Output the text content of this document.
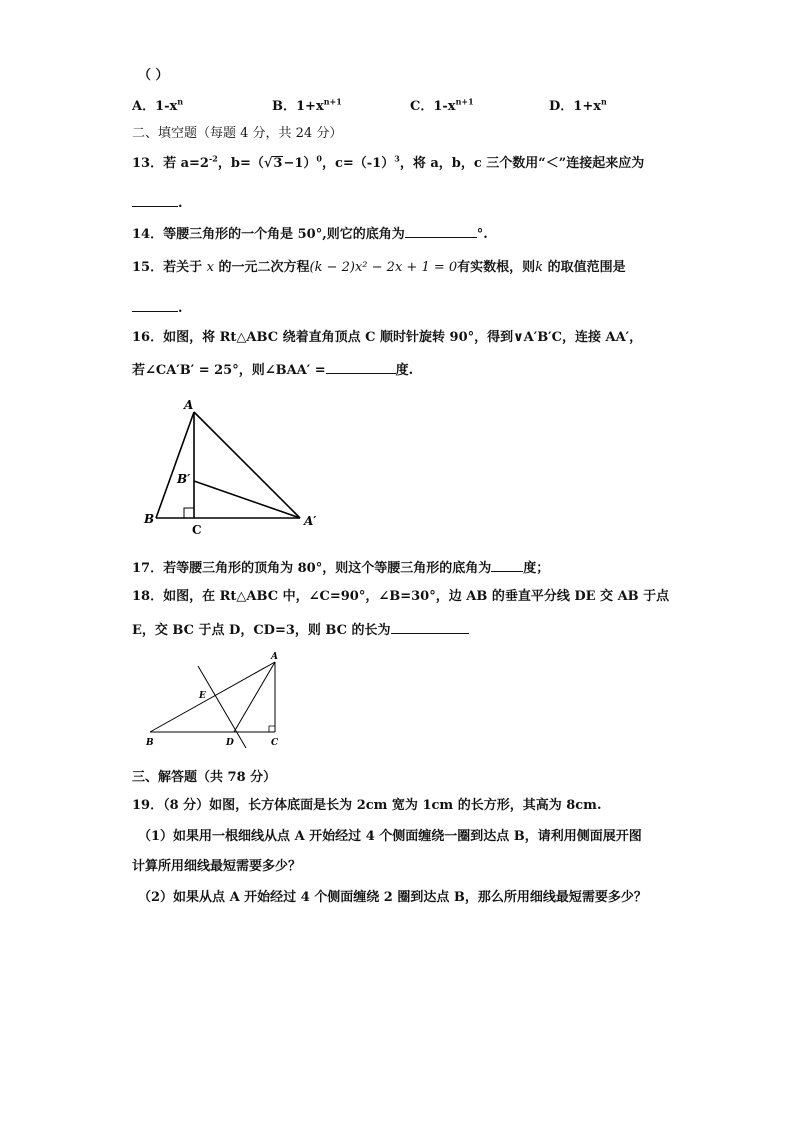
（ ）
A．$1-x^n$	B．$1+x^{n+1}$	C．$1-x^{n+1}$	D．$1+x^n$
二、填空题（每题 4 分，共 24 分）
13．若 $a=2^{-2}$，$b=(√3-1)^0$，$c=(-1)^3$，将 a，b，c 三个数用“＜”连接起来应为
.
14．等腰三角形的一个角是 50°,则它的底角为	°.
15．若关于 x 的一元二次方程(k − 2)x² − 2x + 1 = 0有实数根，则k 的取值范围是
.
16．如图，将 Rt△ABC 绕着直角顶点 C 顺时针旋转 90°，得到∨A′B′C，连接 AA′，
若∠CA′B′ = 25°，则∠BAA′ =	度.
A
B
B′
C
A′
17．若等腰三角形的顶角为 80°，则这个等腰三角形的底角为 度；
18．如图，在 Rt△ABC 中，∠C=90°，∠B=30°，边 AB 的垂直平分线 DE 交 AB 于点
E，交 BC 于点 D，CD=3，则 BC 的长为
A
E
B	D	C
三、解答题（共 78 分）
19．（8 分）如图，长方体底面是长为 2cm 宽为 1cm 的长方形，其高为 8cm.
（1）如果用一根细线从点 A 开始经过 4 个侧面缠绕一圈到达点 B，请利用侧面展开图
计算所用细线最短需要多少？
（2）如果从点 A 开始经过 4 个侧面缠绕 2 圈到达点 B，那么所用细线最短需要多少？
